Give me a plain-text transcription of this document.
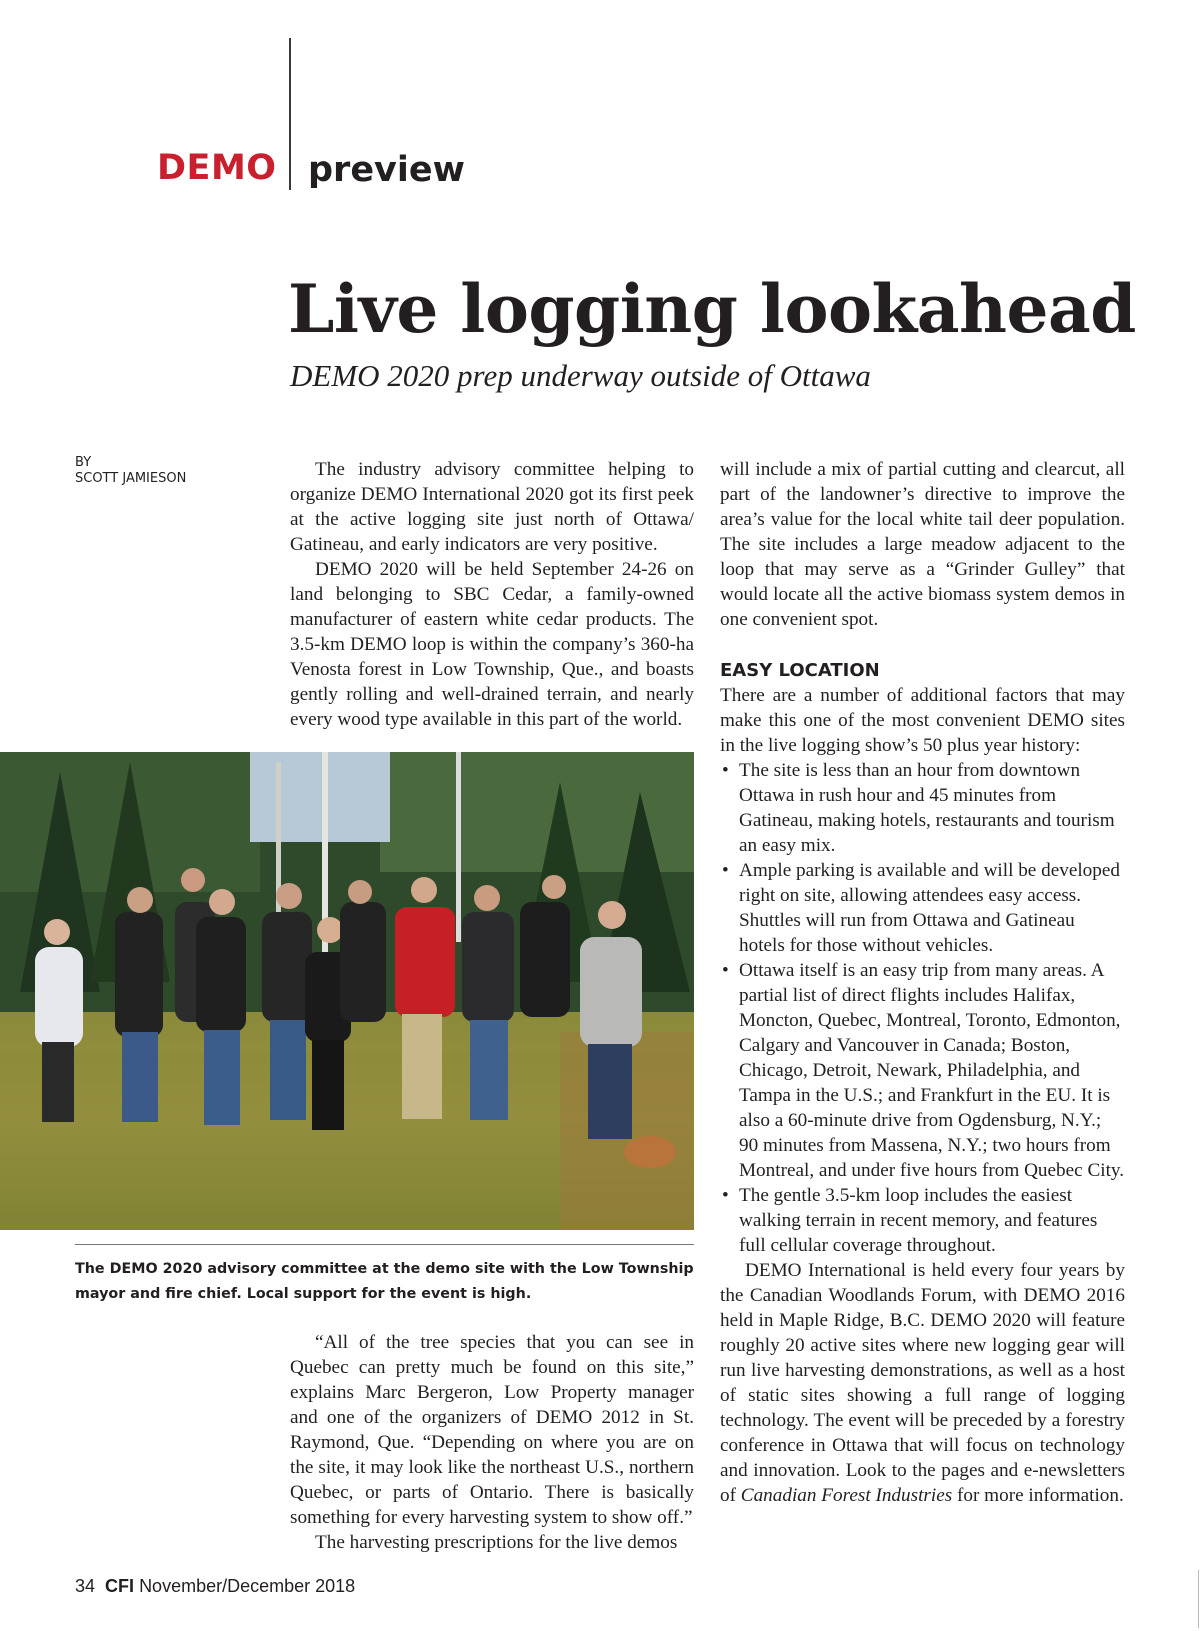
DEMO preview
Live logging lookahead
DEMO 2020 prep underway outside of Ottawa
BY
SCOTT JAMIESON	The industry advisory committee helping to organize DEMO International 2020 got its first peek at the active logging site just north of Ottawa/ Gatineau, and early indicators are very positive.

DEMO 2020 will be held September 24-26 on land belonging to SBC Cedar, a family-owned manufacturer of eastern white cedar products. The 3.5-km DEMO loop is within the company’s 360-ha Venosta forest in Low Township, Que., and boasts gently rolling and well-drained terrain, and nearly every wood type available in this part of the world.

The DEMO 2020 advisory committee at the demo site with the Low Township mayor and fire chief. Local support for the event is high.

“All of the tree species that you can see in Quebec can pretty much be found on this site,” explains Marc Bergeron, Low Property manager and one of the organizers of DEMO 2012 in St. Raymond, Que. “Depending on where you are on the site, it may look like the northeast U.S., northern Quebec, or parts of Ontario. There is basically something for every harvesting system to show off.”

The harvesting prescriptions for the live demos

will include a mix of partial cutting and clearcut, all part of the landowner’s directive to improve the area’s value for the local white tail deer population. The site includes a large meadow adjacent to the loop that may serve as a “Grinder Gulley” that would locate all the active biomass system demos in one convenient spot.

EASY LOCATION

There are a number of additional factors that may make this one of the most convenient DEMO sites in the live logging show’s 50 plus year history:

• The site is less than an hour from downtown Ottawa in rush hour and 45 minutes from Gatineau, making hotels, restaurants and tourism an easy mix.
• Ample parking is available and will be developed right on site, allowing attendees easy access. Shuttles will run from Ottawa and Gatineau hotels for those without vehicles.
• Ottawa itself is an easy trip from many areas. A partial list of direct flights includes Halifax, Moncton, Quebec, Montreal, Toronto, Edmonton, Calgary and Vancouver in Canada; Boston, Chicago, Detroit, Newark, Philadelphia, and Tampa in the U.S.; and Frankfurt in the EU. It is also a 60-minute drive from Ogdensburg, N.Y.; 90 minutes from Massena, N.Y.; two hours from Montreal, and under five hours from Quebec City.
• The gentle 3.5-km loop includes the easiest walking terrain in recent memory, and features full cellular coverage throughout.

DEMO International is held every four years by the Canadian Woodlands Forum, with DEMO 2016 held in Maple Ridge, B.C. DEMO 2020 will feature roughly 20 active sites where new logging gear will run live harvesting demonstrations, as well as a host of static sites showing a full range of logging technology. The event will be preceded by a forestry conference in Ottawa that will focus on technology and innovation. Look to the pages and e-newsletters of Canadian Forest Industries for more information.

34 CFI November/December 2018
